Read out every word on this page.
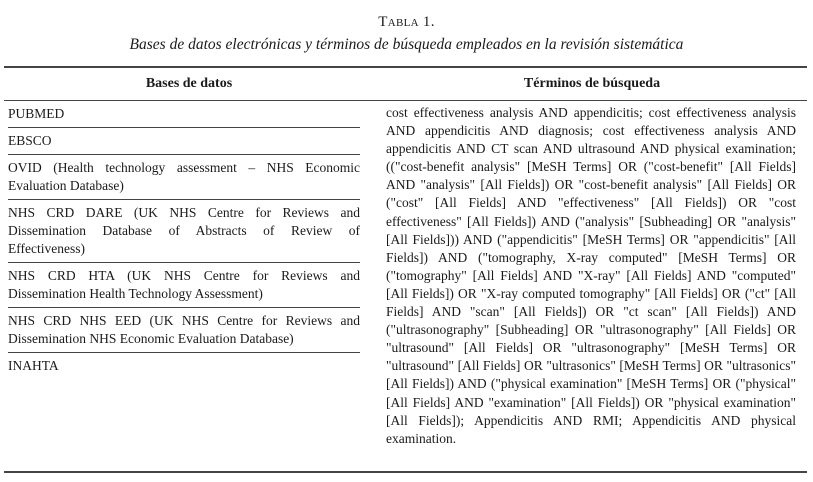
Tabla 1.
Bases de datos electrónicas y términos de búsqueda empleados en la revisión sistemática
Bases de datos	Términos de búsqueda
PUBMED
EBSCO
OVID (Health technology assessment – NHS Economic Evaluation Database)
NHS CRD DARE (UK NHS Centre for Reviews and Dissemination Database of Abstracts of Review of Effectiveness)
NHS CRD HTA (UK NHS Centre for Reviews and Dissemination Health Technology Assessment)
NHS CRD NHS EED (UK NHS Centre for Reviews and Dissemination NHS Economic Evaluation Database)
INAHTA
cost effectiveness analysis AND appendicitis; cost effectiveness analysis AND appendicitis AND diagnosis; cost effectiveness analysis AND appendicitis AND CT scan AND ultrasound AND physical examination; (("cost-benefit analysis" [MeSH Terms] OR ("cost-benefit" [All Fields] AND "analysis" [All Fields]) OR "cost-benefit analysis" [All Fields] OR ("cost" [All Fields] AND "effectiveness" [All Fields]) OR "cost effectiveness" [All Fields]) AND ("analysis" [Subheading] OR "analysis" [All Fields])) AND ("appendicitis" [MeSH Terms] OR "appendicitis" [All Fields]) AND ("tomography, X-ray computed" [MeSH Terms] OR ("tomography" [All Fields] AND "X-ray" [All Fields] AND "computed" [All Fields]) OR "X-ray computed tomography" [All Fields] OR ("ct" [All Fields] AND "scan" [All Fields]) OR "ct scan" [All Fields]) AND ("ultrasonography" [Subheading] OR "ultrasonography" [All Fields] OR "ultrasound" [All Fields] OR "ultrasonography" [MeSH Terms] OR "ultrasound" [All Fields] OR "ultrasonics" [MeSH Terms] OR "ultrasonics" [All Fields]) AND ("physical examination" [MeSH Terms] OR ("physical" [All Fields] AND "examination" [All Fields]) OR "physical examination" [All Fields]); Appendicitis AND RMI; Appendicitis AND physical examination.
